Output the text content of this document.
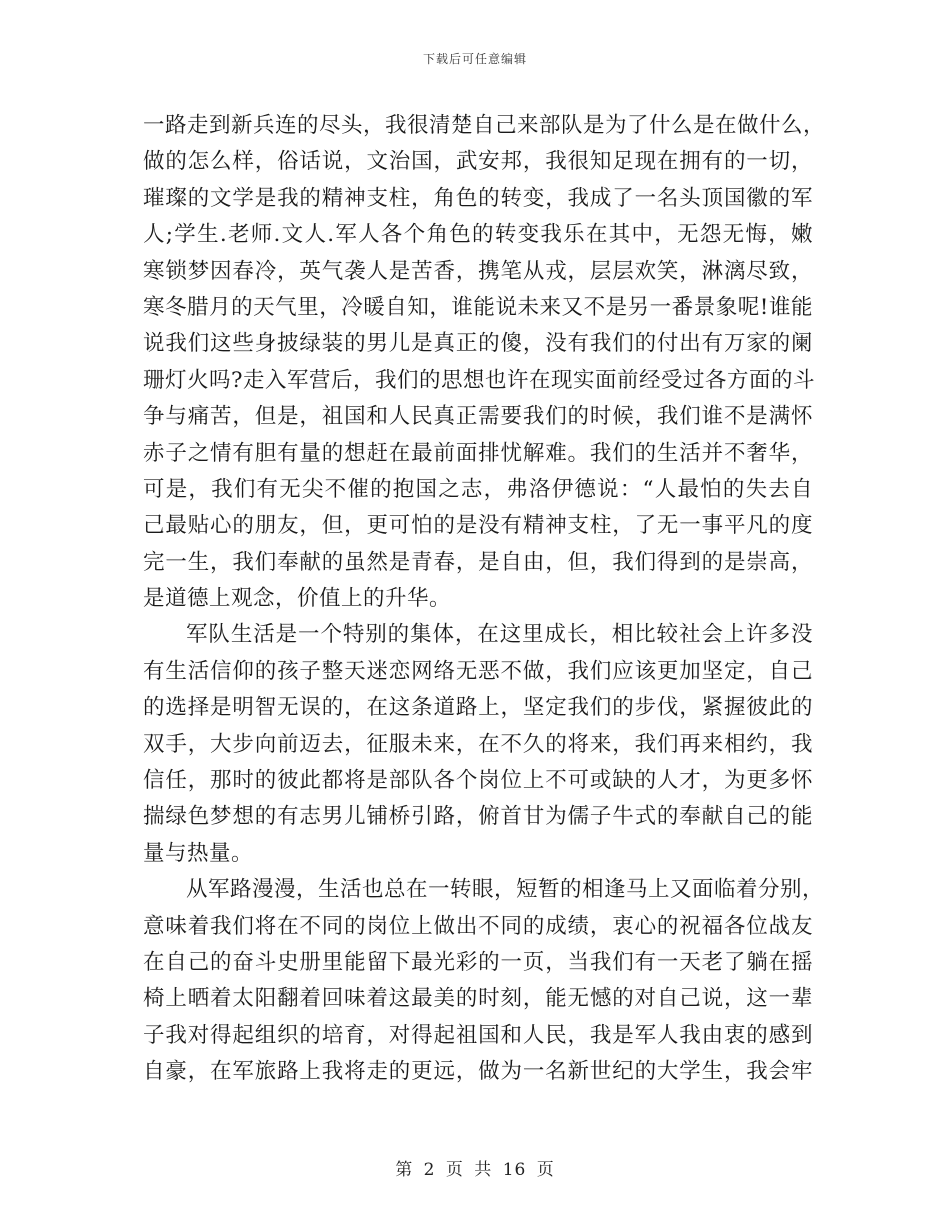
下载后可任意编辑
一路走到新兵连的尽头，我很清楚自己来部队是为了什么是在做什么，
做的怎么样，俗话说，文治国，武安邦，我很知足现在拥有的一切，
璀璨的文学是我的精神支柱，角色的转变，我成了一名头顶国徽的军
人;学生.老师.文人.军人各个角色的转变我乐在其中，无怨无悔，嫩
寒锁梦因春冷，英气袭人是苦香，携笔从戎，层层欢笑，淋漓尽致，
寒冬腊月的天气里，冷暖自知，谁能说未来又不是另一番景象呢!谁能
说我们这些身披绿装的男儿是真正的傻，没有我们的付出有万家的阑
珊灯火吗?走入军营后，我们的思想也许在现实面前经受过各方面的斗
争与痛苦，但是，祖国和人民真正需要我们的时候，我们谁不是满怀
赤子之情有胆有量的想赶在最前面排忧解难。我们的生活并不奢华，
可是，我们有无尖不催的抱国之志，弗洛伊德说：“人最怕的失去自
己最贴心的朋友，但，更可怕的是没有精神支柱，了无一事平凡的度
完一生，我们奉献的虽然是青春，是自由，但，我们得到的是崇高，
是道德上观念，价值上的升华。
军队生活是一个特别的集体，在这里成长，相比较社会上许多没
有生活信仰的孩子整天迷恋网络无恶不做，我们应该更加坚定，自己
的选择是明智无误的，在这条道路上，坚定我们的步伐，紧握彼此的
双手，大步向前迈去，征服未来，在不久的将来，我们再来相约，我
信任，那时的彼此都将是部队各个岗位上不可或缺的人才，为更多怀
揣绿色梦想的有志男儿铺桥引路，俯首甘为儒子牛式的奉献自己的能
量与热量。
从军路漫漫，生活也总在一转眼，短暂的相逢马上又面临着分别，
意味着我们将在不同的岗位上做出不同的成绩，衷心的祝福各位战友
在自己的奋斗史册里能留下最光彩的一页，当我们有一天老了躺在摇
椅上晒着太阳翻着回味着这最美的时刻，能无憾的对自己说，这一辈
子我对得起组织的培育，对得起祖国和人民，我是军人我由衷的感到
自豪，在军旅路上我将走的更远，做为一名新世纪的大学生，我会牢
第 2 页 共 16 页
